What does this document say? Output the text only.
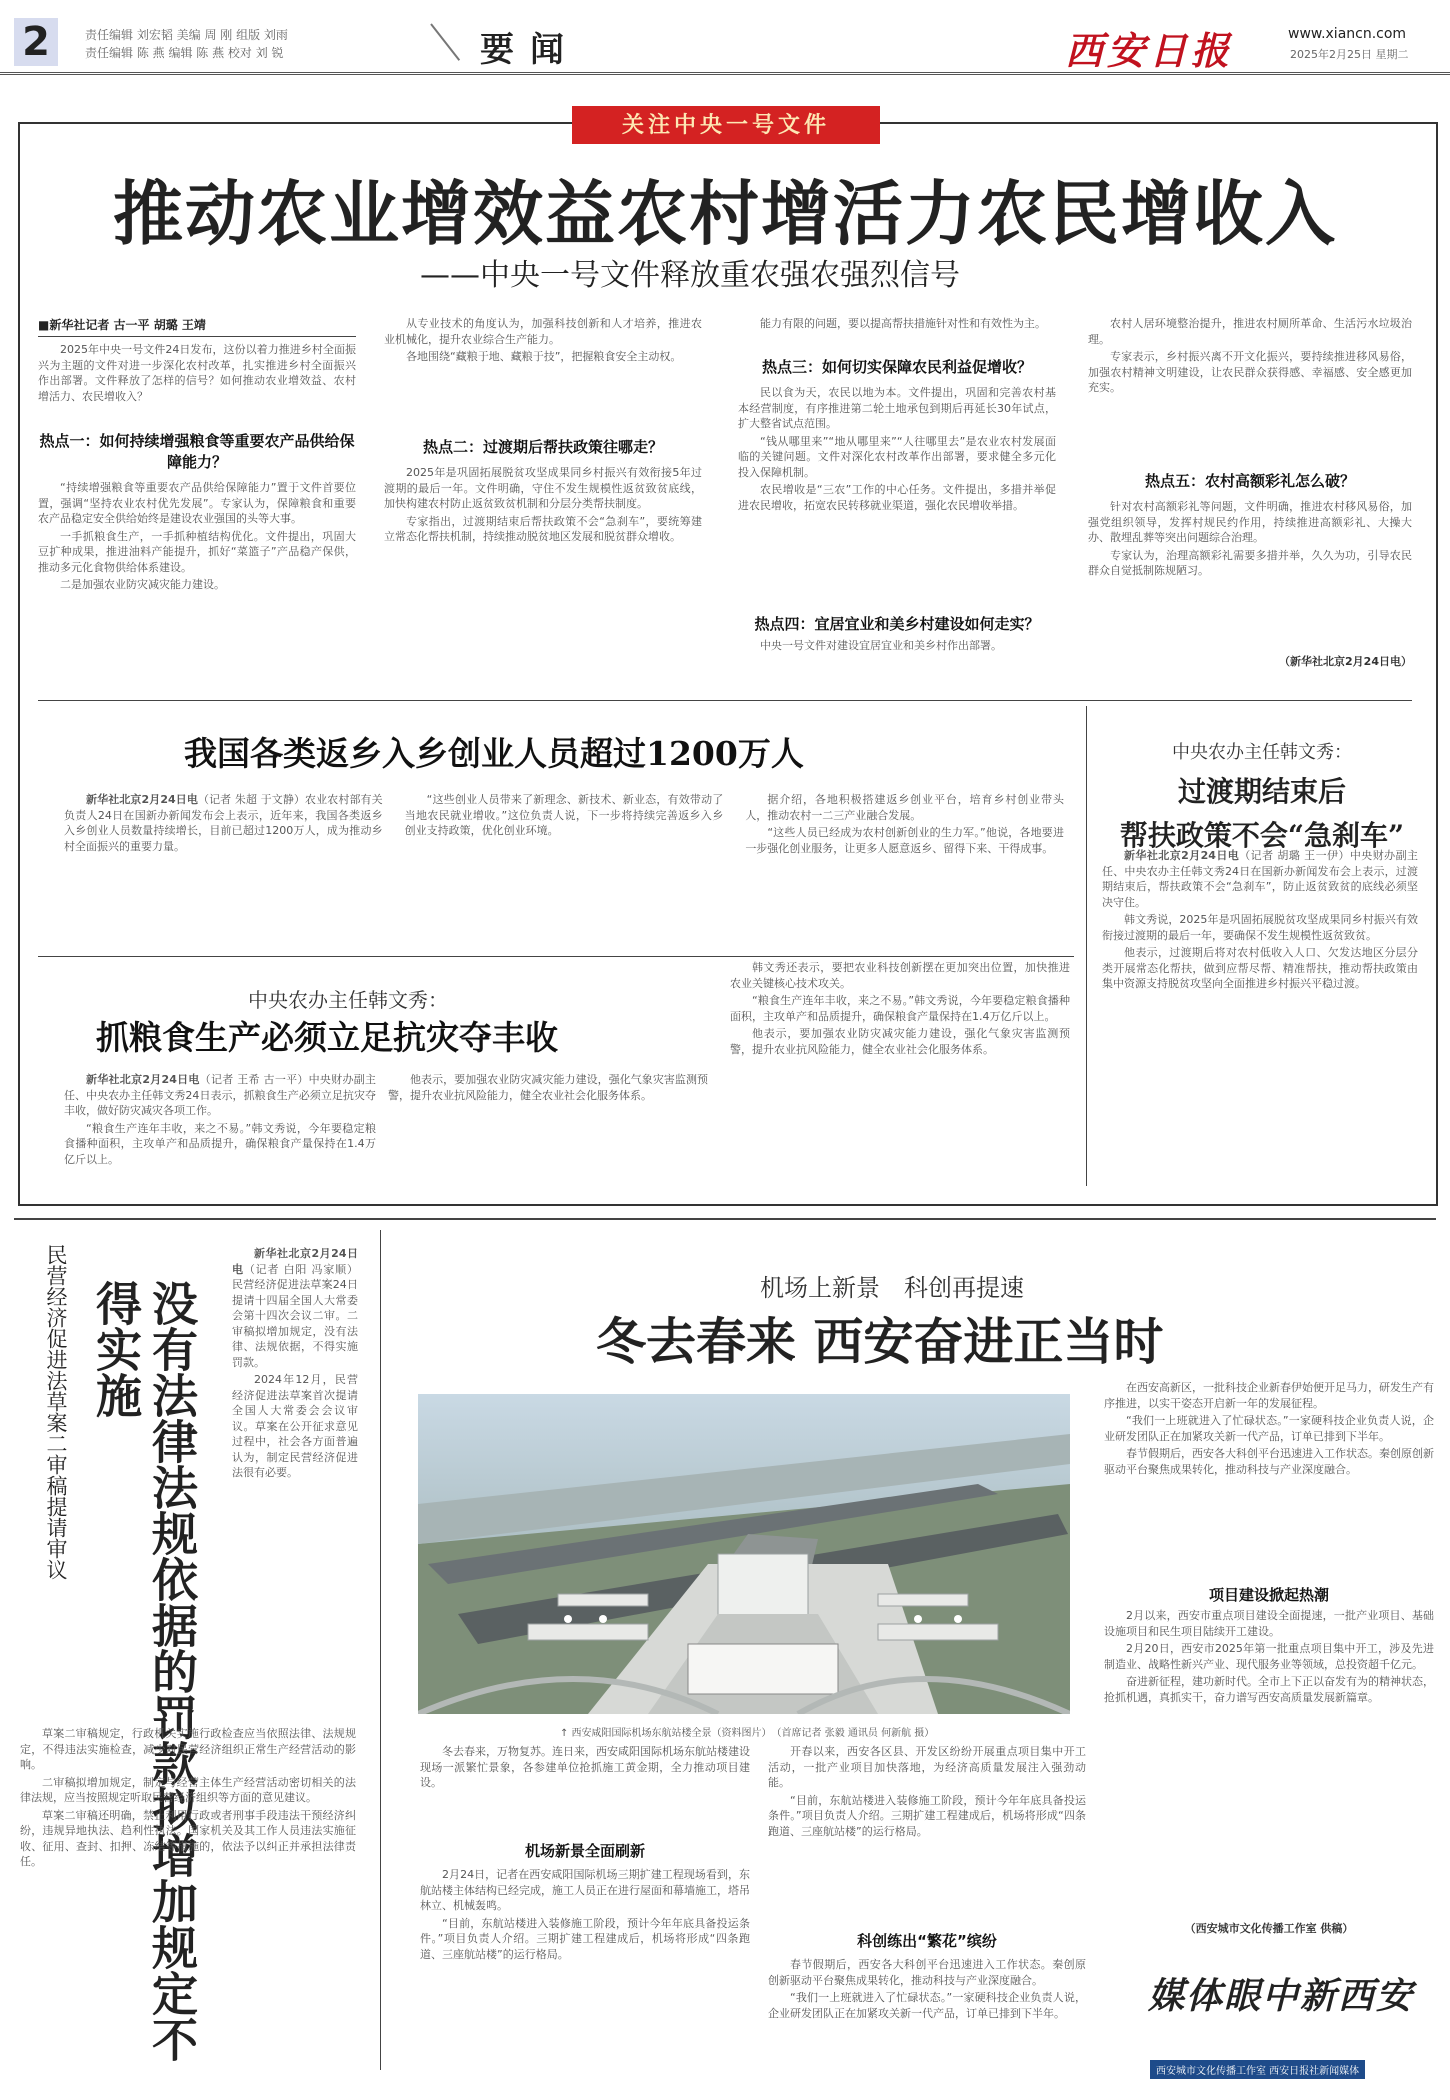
2	责任编辑 刘宏韬 美编 周 刚 组版 刘雨
责任编辑 陈 燕 编辑 陈 燕 校对 刘 锐	要闻	西安日报	www.xiancn.com
2025年2月25日 星期二
关注中央一号文件
推动农业增效益农村增活力农民增收入
——中央一号文件释放重农强农强烈信号
■新华社记者 古一平 胡璐 王靖

2025年中央一号文件24日发布，这份以着力推进乡村全面振兴为主题的文件对进一步深化农村改革，扎实推进乡村全面振兴作出部署。文件释放了怎样的信号？如何推动农业增效益、农村增活力、农民增收入？

热点一：如何持续增强粮食等重要农产品供给保障能力？

“持续增强粮食等重要农产品供给保障能力”置于文件首要位置，强调“坚持农业农村优先发展”。专家认为，保障粮食和重要农产品稳定安全供给始终是建设农业强国的头等大事。

一手抓粮食生产，一手抓种植结构优化。文件提出，巩固大豆扩种成果，推进油料产能提升，抓好“菜篮子”产品稳产保供，推动多元化食物供给体系建设。

二是加强农业防灾减灾能力建设。

从专业技术的角度认为，加强科技创新和人才培养，推进农业机械化，提升农业综合生产能力。

各地围绕“藏粮于地、藏粮于技”，把握粮食安全主动权。

热点二：过渡期后帮扶政策往哪走？

2025年是巩固拓展脱贫攻坚成果同乡村振兴有效衔接5年过渡期的最后一年。文件明确，守住不发生规模性返贫致贫底线，加快构建农村防止返贫致贫机制和分层分类帮扶制度。

专家指出，过渡期结束后帮扶政策不会“急刹车”，要统筹建立常态化帮扶机制，持续推动脱贫地区发展和脱贫群众增收。

能力有限的问题，要以提高帮扶措施针对性和有效性为主。

热点三：如何切实保障农民利益促增收？

民以食为天，农民以地为本。文件提出，巩固和完善农村基本经营制度，有序推进第二轮土地承包到期后再延长30年试点，扩大整省试点范围。

“钱从哪里来”“地从哪里来”“人往哪里去”是农业农村发展面临的关键问题。文件对深化农村改革作出部署，要求健全多元化投入保障机制。

农民增收是“三农”工作的中心任务。文件提出，多措并举促进农民增收，拓宽农民转移就业渠道，强化农民增收举措。

热点四：宜居宜业和美乡村建设如何走实？

中央一号文件对建设宜居宜业和美乡村作出部署。

农村人居环境整治提升，推进农村厕所革命、生活污水垃圾治理。

专家表示，乡村振兴离不开文化振兴，要持续推进移风易俗，加强农村精神文明建设，让农民群众获得感、幸福感、安全感更加充实。

热点五：农村高额彩礼怎么破？

针对农村高额彩礼等问题，文件明确，推进农村移风易俗，加强党组织领导，发挥村规民约作用，持续推进高额彩礼、大操大办、散埋乱葬等突出问题综合治理。

专家认为，治理高额彩礼需要多措并举，久久为功，引导农民群众自觉抵制陈规陋习。

（新华社北京2月24日电）
我国各类返乡入乡创业人员超过1200万人

新华社北京2月24日电（记者 朱超 于文静）农业农村部有关负责人24日在国新办新闻发布会上表示，近年来，我国各类返乡入乡创业人员数量持续增长，目前已超过1200万人，成为推动乡村全面振兴的重要力量。

“这些创业人员带来了新理念、新技术、新业态，有效带动了当地农民就业增收。”这位负责人说，下一步将持续完善返乡入乡创业支持政策，优化创业环境。

据介绍，各地积极搭建返乡创业平台，培育乡村创业带头人，推动农村一二三产业融合发展。

“这些人员已经成为农村创新创业的生力军。”他说，各地要进一步强化创业服务，让更多人愿意返乡、留得下来、干得成事。

中央农办主任韩文秀：
抓粮食生产必须立足抗灾夺丰收

新华社北京2月24日电（记者 王希 古一平）中央财办副主任、中央农办主任韩文秀24日表示，抓粮食生产必须立足抗灾夺丰收，做好防灾减灾各项工作。

“粮食生产连年丰收，来之不易。”韩文秀说，今年要稳定粮食播种面积，主攻单产和品质提升，确保粮食产量保持在1.4万亿斤以上。

他表示，要加强农业防灾减灾能力建设，强化气象灾害监测预警，提升农业抗风险能力，健全农业社会化服务体系。

韩文秀还表示，要把农业科技创新摆在更加突出位置，加快推进农业关键核心技术攻关。

“粮食生产连年丰收，来之不易。”韩文秀说，今年要稳定粮食播种面积，主攻单产和品质提升，确保粮食产量保持在1.4万亿斤以上。

他表示，要加强农业防灾减灾能力建设，强化气象灾害监测预警，提升农业抗风险能力，健全农业社会化服务体系。

中央农办主任韩文秀：
过渡期结束后
帮扶政策不会“急刹车”

新华社北京2月24日电（记者 胡璐 王一伊）中央财办副主任、中央农办主任韩文秀24日在国新办新闻发布会上表示，过渡期结束后，帮扶政策不会“急刹车”，防止返贫致贫的底线必须坚决守住。

韩文秀说，2025年是巩固拓展脱贫攻坚成果同乡村振兴有效衔接过渡期的最后一年，要确保不发生规模性返贫致贫。

他表示，过渡期后将对农村低收入人口、欠发达地区分层分类开展常态化帮扶，做到应帮尽帮、精准帮扶，推动帮扶政策由集中资源支持脱贫攻坚向全面推进乡村振兴平稳过渡。

民营经济促进法草案二审稿提请审议	没有法律法规依据的罚款拟增加规定不得实施

新华社北京2月24日电（记者 白阳 冯家顺）民营经济促进法草案24日提请十四届全国人大常委会第十四次会议二审。二审稿拟增加规定，没有法律、法规依据，不得实施罚款。

2024年12月，民营经济促进法草案首次提请全国人大常委会会议审议。草案在公开征求意见过程中，社会各方面普遍认为，制定民营经济促进法很有必要。

草案二审稿规定，行政机关实施行政检查应当依照法律、法规规定，不得违法实施检查，减少对民营经济组织正常生产经营活动的影响。

二审稿拟增加规定，制定与经营主体生产经营活动密切相关的法律法规，应当按照规定听取民营经济组织等方面的意见建议。

草案二审稿还明确，禁止利用行政或者刑事手段违法干预经济纠纷，违规异地执法、趋利性执法。国家机关及其工作人员违法实施征收、征用、查封、扣押、冻结等措施的，依法予以纠正并承担法律责任。

机场上新景　科创再提速
冬去春来 西安奋进正当时
↑ 西安咸阳国际机场东航站楼全景（资料图片）　（首席记者 张毅 通讯员 何新航 摄）

冬去春来，万物复苏。连日来，西安咸阳国际机场东航站楼建设现场一派繁忙景象，各参建单位抢抓施工黄金期，全力推动项目建设。

机场新景全面刷新

2月24日，记者在西安咸阳国际机场三期扩建工程现场看到，东航站楼主体结构已经完成，施工人员正在进行屋面和幕墙施工，塔吊林立、机械轰鸣。

“目前，东航站楼进入装修施工阶段，预计今年年底具备投运条件。”项目负责人介绍。三期扩建工程建成后，机场将形成“四条跑道、三座航站楼”的运行格局。

开春以来，西安各区县、开发区纷纷开展重点项目集中开工活动，一批产业项目加快落地，为经济高质量发展注入强劲动能。

“目前，东航站楼进入装修施工阶段，预计今年年底具备投运条件。”项目负责人介绍。三期扩建工程建成后，机场将形成“四条跑道、三座航站楼”的运行格局。

科创练出“繁花”缤纷

春节假期后，西安各大科创平台迅速进入工作状态。秦创原创新驱动平台聚焦成果转化，推动科技与产业深度融合。

“我们一上班就进入了忙碌状态。”一家硬科技企业负责人说，企业研发团队正在加紧攻关新一代产品，订单已排到下半年。

在西安高新区，一批科技企业新春伊始便开足马力，研发生产有序推进，以实干姿态开启新一年的发展征程。

“我们一上班就进入了忙碌状态。”一家硬科技企业负责人说，企业研发团队正在加紧攻关新一代产品，订单已排到下半年。

春节假期后，西安各大科创平台迅速进入工作状态。秦创原创新驱动平台聚焦成果转化，推动科技与产业深度融合。

项目建设掀起热潮

2月以来，西安市重点项目建设全面提速，一批产业项目、基础设施项目和民生项目陆续开工建设。

2月20日，西安市2025年第一批重点项目集中开工，涉及先进制造业、战略性新兴产业、现代服务业等领域，总投资超千亿元。

奋进新征程，建功新时代。全市上下正以奋发有为的精神状态，抢抓机遇，真抓实干，奋力谱写西安高质量发展新篇章。

（西安城市文化传播工作室 供稿）
媒体眼中新西安
西安城市文化传播工作室 西安日报社新闻媒体
